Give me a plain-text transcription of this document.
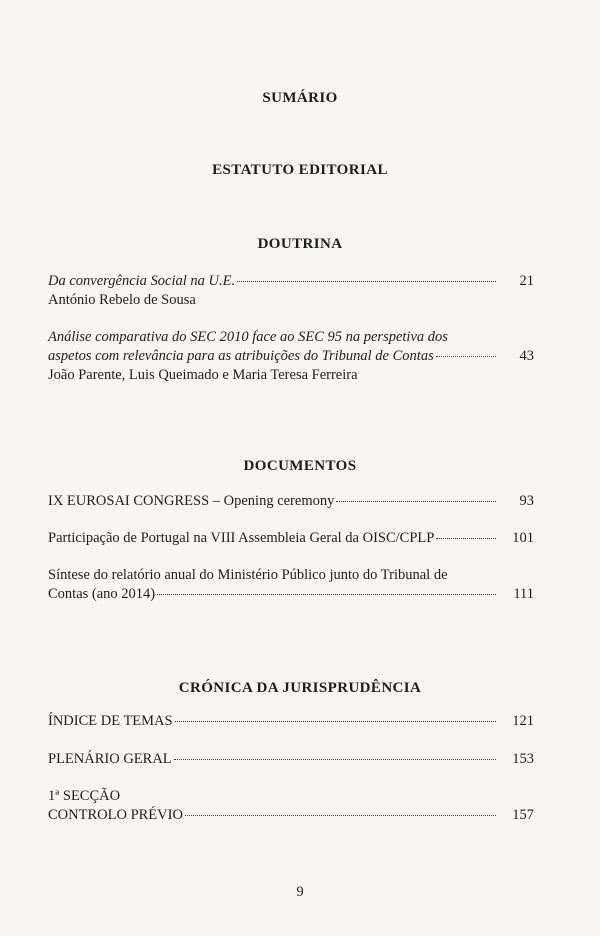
SUMÁRIO
ESTATUTO EDITORIAL
DOUTRINA
Da convergência Social na U.E.	21
António Rebelo de Sousa
Análise comparativa do SEC 2010 face ao SEC 95 na perspetiva dos
aspetos com relevância para as atribuições do Tribunal de Contas	43
João Parente, Luis Queimado e Maria Teresa Ferreira
DOCUMENTOS
IX EUROSAI CONGRESS – Opening ceremony	93
Participação de Portugal na VIII Assembleia Geral da OISC/CPLP	101
Síntese do relatório anual do Ministério Público junto do Tribunal de
Contas (ano 2014)	111
CRÓNICA DA JURISPRUDÊNCIA
ÍNDICE DE TEMAS	121
PLENÁRIO GERAL	153
1ª SECÇÃO
CONTROLO PRÉVIO	157
9
